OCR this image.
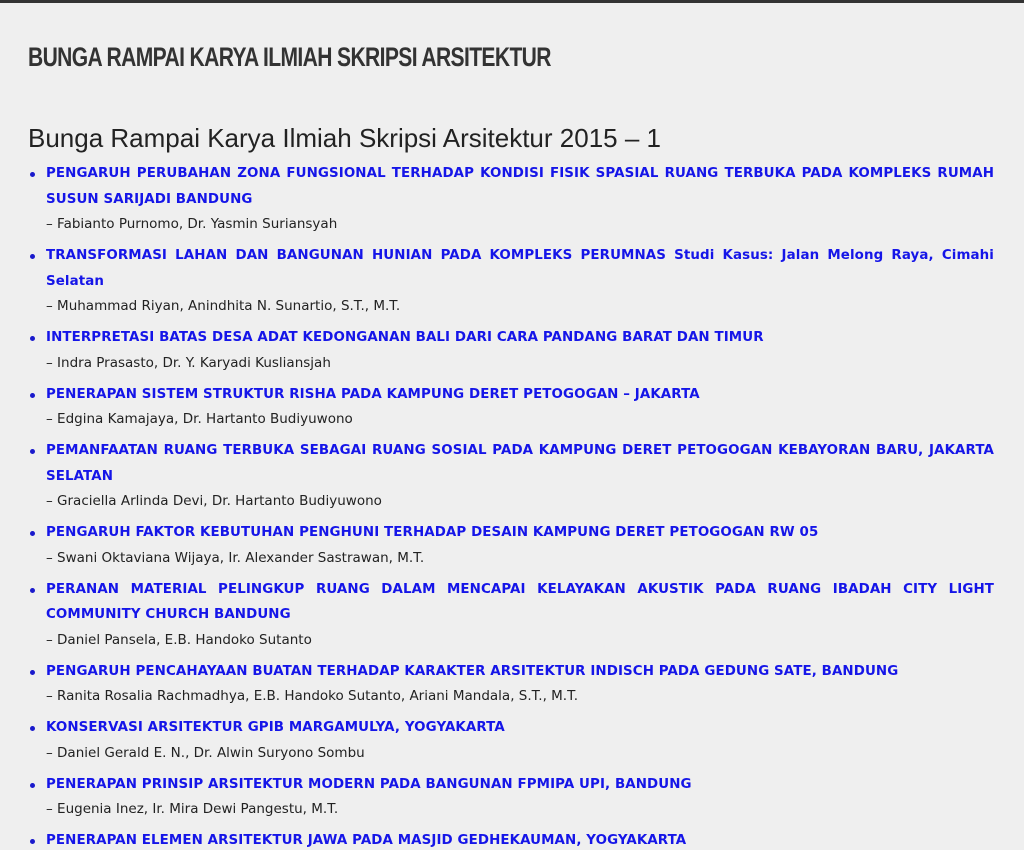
BUNGA RAMPAI KARYA ILMIAH SKRIPSI ARSITEKTUR
Bunga Rampai Karya Ilmiah Skripsi Arsitektur 2015 – 1
PENGARUH PERUBAHAN ZONA FUNGSIONAL TERHADAP KONDISI FISIK SPASIAL RUANG TERBUKA PADA KOMPLEKS RUMAH SUSUN SARIJADI BANDUNG
– Fabianto Purnomo, Dr. Yasmin Suriansyah
TRANSFORMASI LAHAN DAN BANGUNAN HUNIAN PADA KOMPLEKS PERUMNAS Studi Kasus: Jalan Melong Raya, Cimahi Selatan
– Muhammad Riyan, Anindhita N. Sunartio, S.T., M.T.
INTERPRETASI BATAS DESA ADAT KEDONGANAN BALI DARI CARA PANDANG BARAT DAN TIMUR
– Indra Prasasto, Dr. Y. Karyadi Kusliansjah
PENERAPAN SISTEM STRUKTUR RISHA PADA KAMPUNG DERET PETOGOGAN – JAKARTA
– Edgina Kamajaya, Dr. Hartanto Budiyuwono
PEMANFAATAN RUANG TERBUKA SEBAGAI RUANG SOSIAL PADA KAMPUNG DERET PETOGOGAN KEBAYORAN BARU, JAKARTA SELATAN
– Graciella Arlinda Devi, Dr. Hartanto Budiyuwono
PENGARUH FAKTOR KEBUTUHAN PENGHUNI TERHADAP DESAIN KAMPUNG DERET PETOGOGAN RW 05
– Swani Oktaviana Wijaya, Ir. Alexander Sastrawan, M.T.
PERANAN MATERIAL PELINGKUP RUANG DALAM MENCAPAI KELAYAKAN AKUSTIK PADA RUANG IBADAH CITY LIGHT COMMUNITY CHURCH BANDUNG
– Daniel Pansela, E.B. Handoko Sutanto
PENGARUH PENCAHAYAAN BUATAN TERHADAP KARAKTER ARSITEKTUR INDISCH PADA GEDUNG SATE, BANDUNG
– Ranita Rosalia Rachmadhya, E.B. Handoko Sutanto, Ariani Mandala, S.T., M.T.
KONSERVASI ARSITEKTUR GPIB MARGAMULYA, YOGYAKARTA
– Daniel Gerald E. N., Dr. Alwin Suryono Sombu
PENERAPAN PRINSIP ARSITEKTUR MODERN PADA BANGUNAN FPMIPA UPI, BANDUNG
– Eugenia Inez, Ir. Mira Dewi Pangestu, M.T.
PENERAPAN ELEMEN ARSITEKTUR JAWA PADA MASJID GEDHEKAUMAN, YOGYAKARTA
